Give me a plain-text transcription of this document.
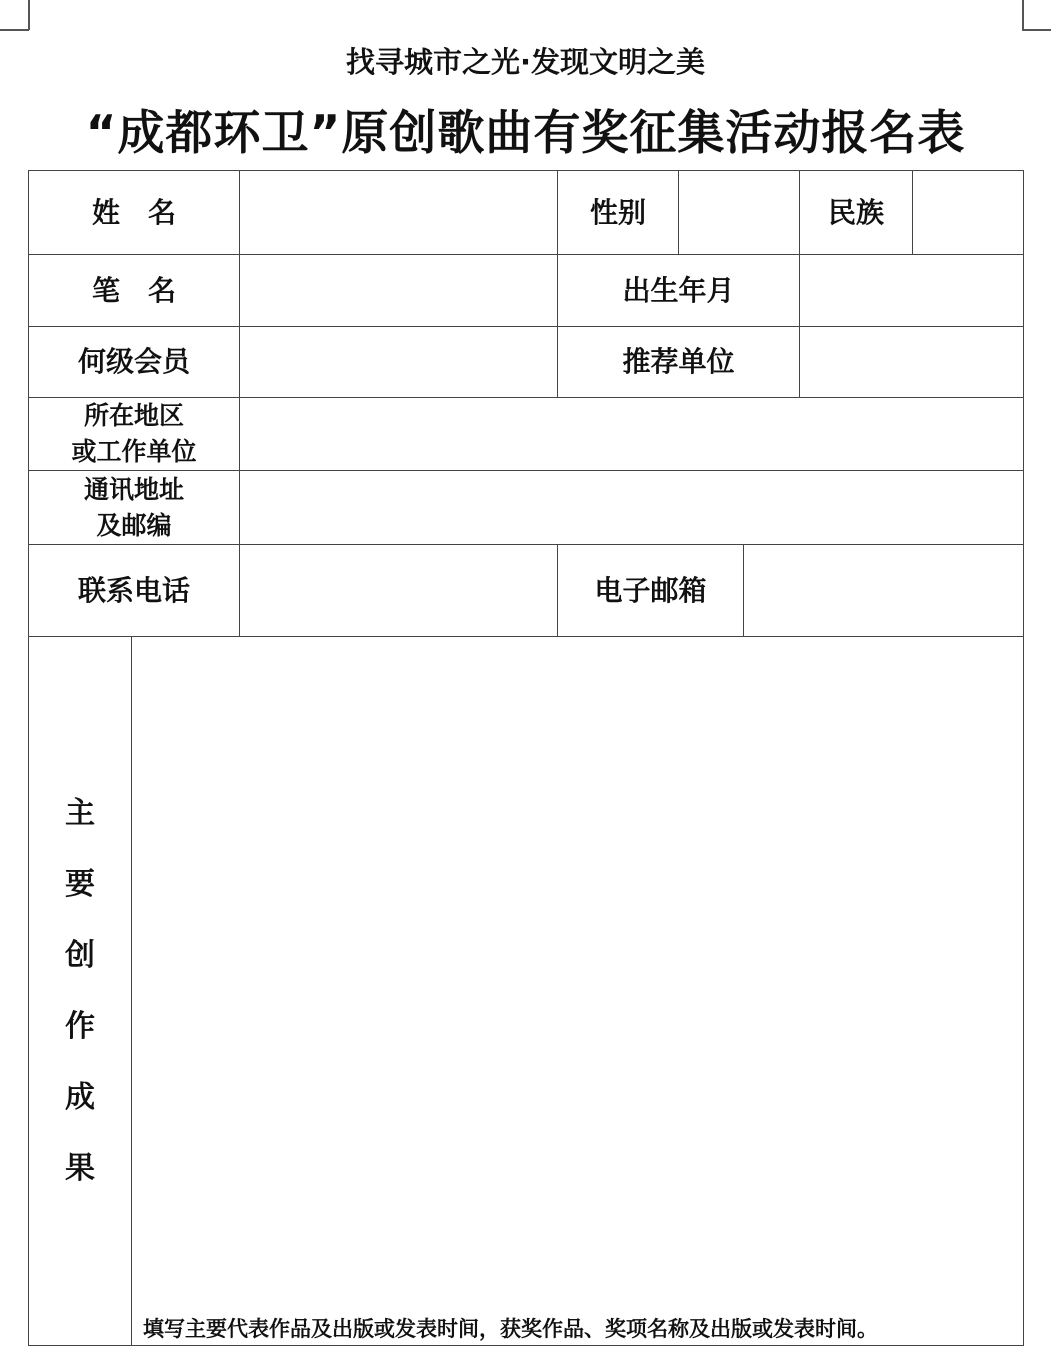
找寻城市之光·发现文明之美
“成都环卫”原创歌曲有奖征集活动报名表
姓　名	性别	民族
笔　名	出生年月
何级会员	推荐单位
所在地区
或工作单位
通讯地址
及邮编
联系电话	电子邮箱
主
要
创
作
成
果
填写主要代表作品及出版或发表时间，获奖作品、奖项名称及出版或发表时间。
